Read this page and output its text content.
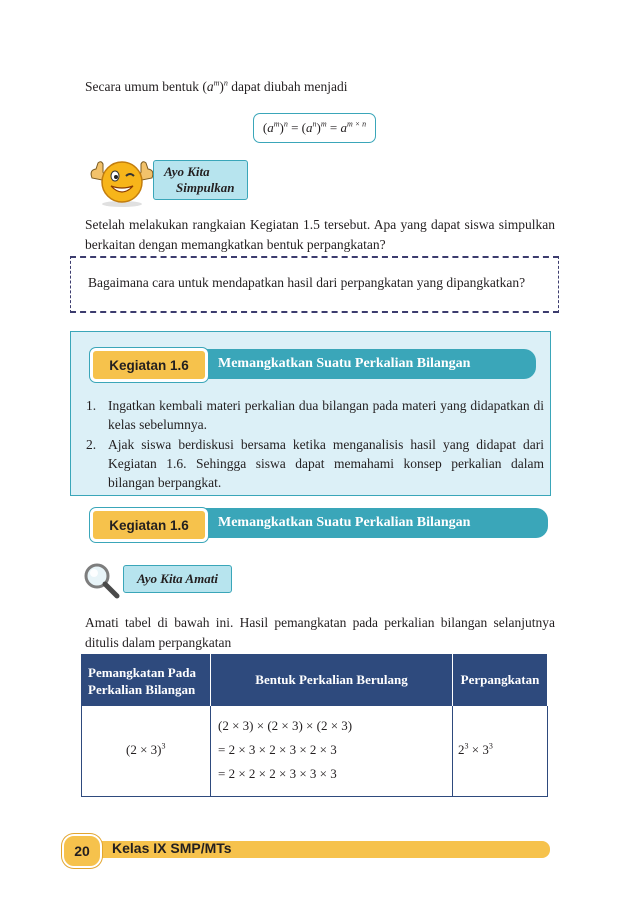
Secara umum bentuk $(a^m)^n$ dapat diubah menjadi
$(a^m)^n = (a^n)^m = a^{m \times n}$
Ayo Kita
Simpulkan
Setelah melakukan rangkaian Kegiatan 1.5 tersebut. Apa yang dapat siswa simpulkan berkaitan dengan memangkatkan bentuk perpangkatan?
Bagaimana cara untuk mendapatkan hasil dari perpangkatan yang dipangkatkan?
Memangkatkan Suatu Perkalian Bilangan
Kegiatan 1.6
1. Ingatkan kembali materi perkalian dua bilangan pada materi yang didapatkan di kelas sebelumnya.
2. Ajak siswa berdiskusi bersama ketika menganalisis hasil yang didapat dari Kegiatan 1.6. Sehingga siswa dapat memahami konsep perkalian dalam bilangan berpangkat.
Memangkatkan Suatu Perkalian Bilangan
Kegiatan 1.6
Ayo Kita Amati
Amati tabel di bawah ini. Hasil pemangkatan pada perkalian bilangan selanjutnya ditulis dalam perpangkatan
Pemangkatan Pada Perkalian Bilangan
Bentuk Perkalian Berulang	Perpangkatan
$(2 \times 3)^3$
(2 × 3) × (2 × 3) × (2 × 3)
= 2 × 3 × 2 × 3 × 2 × 3
= 2 × 2 × 2 × 3 × 3 × 3
$2^3 \times 3^3$
20	Kelas IX SMP/MTs
